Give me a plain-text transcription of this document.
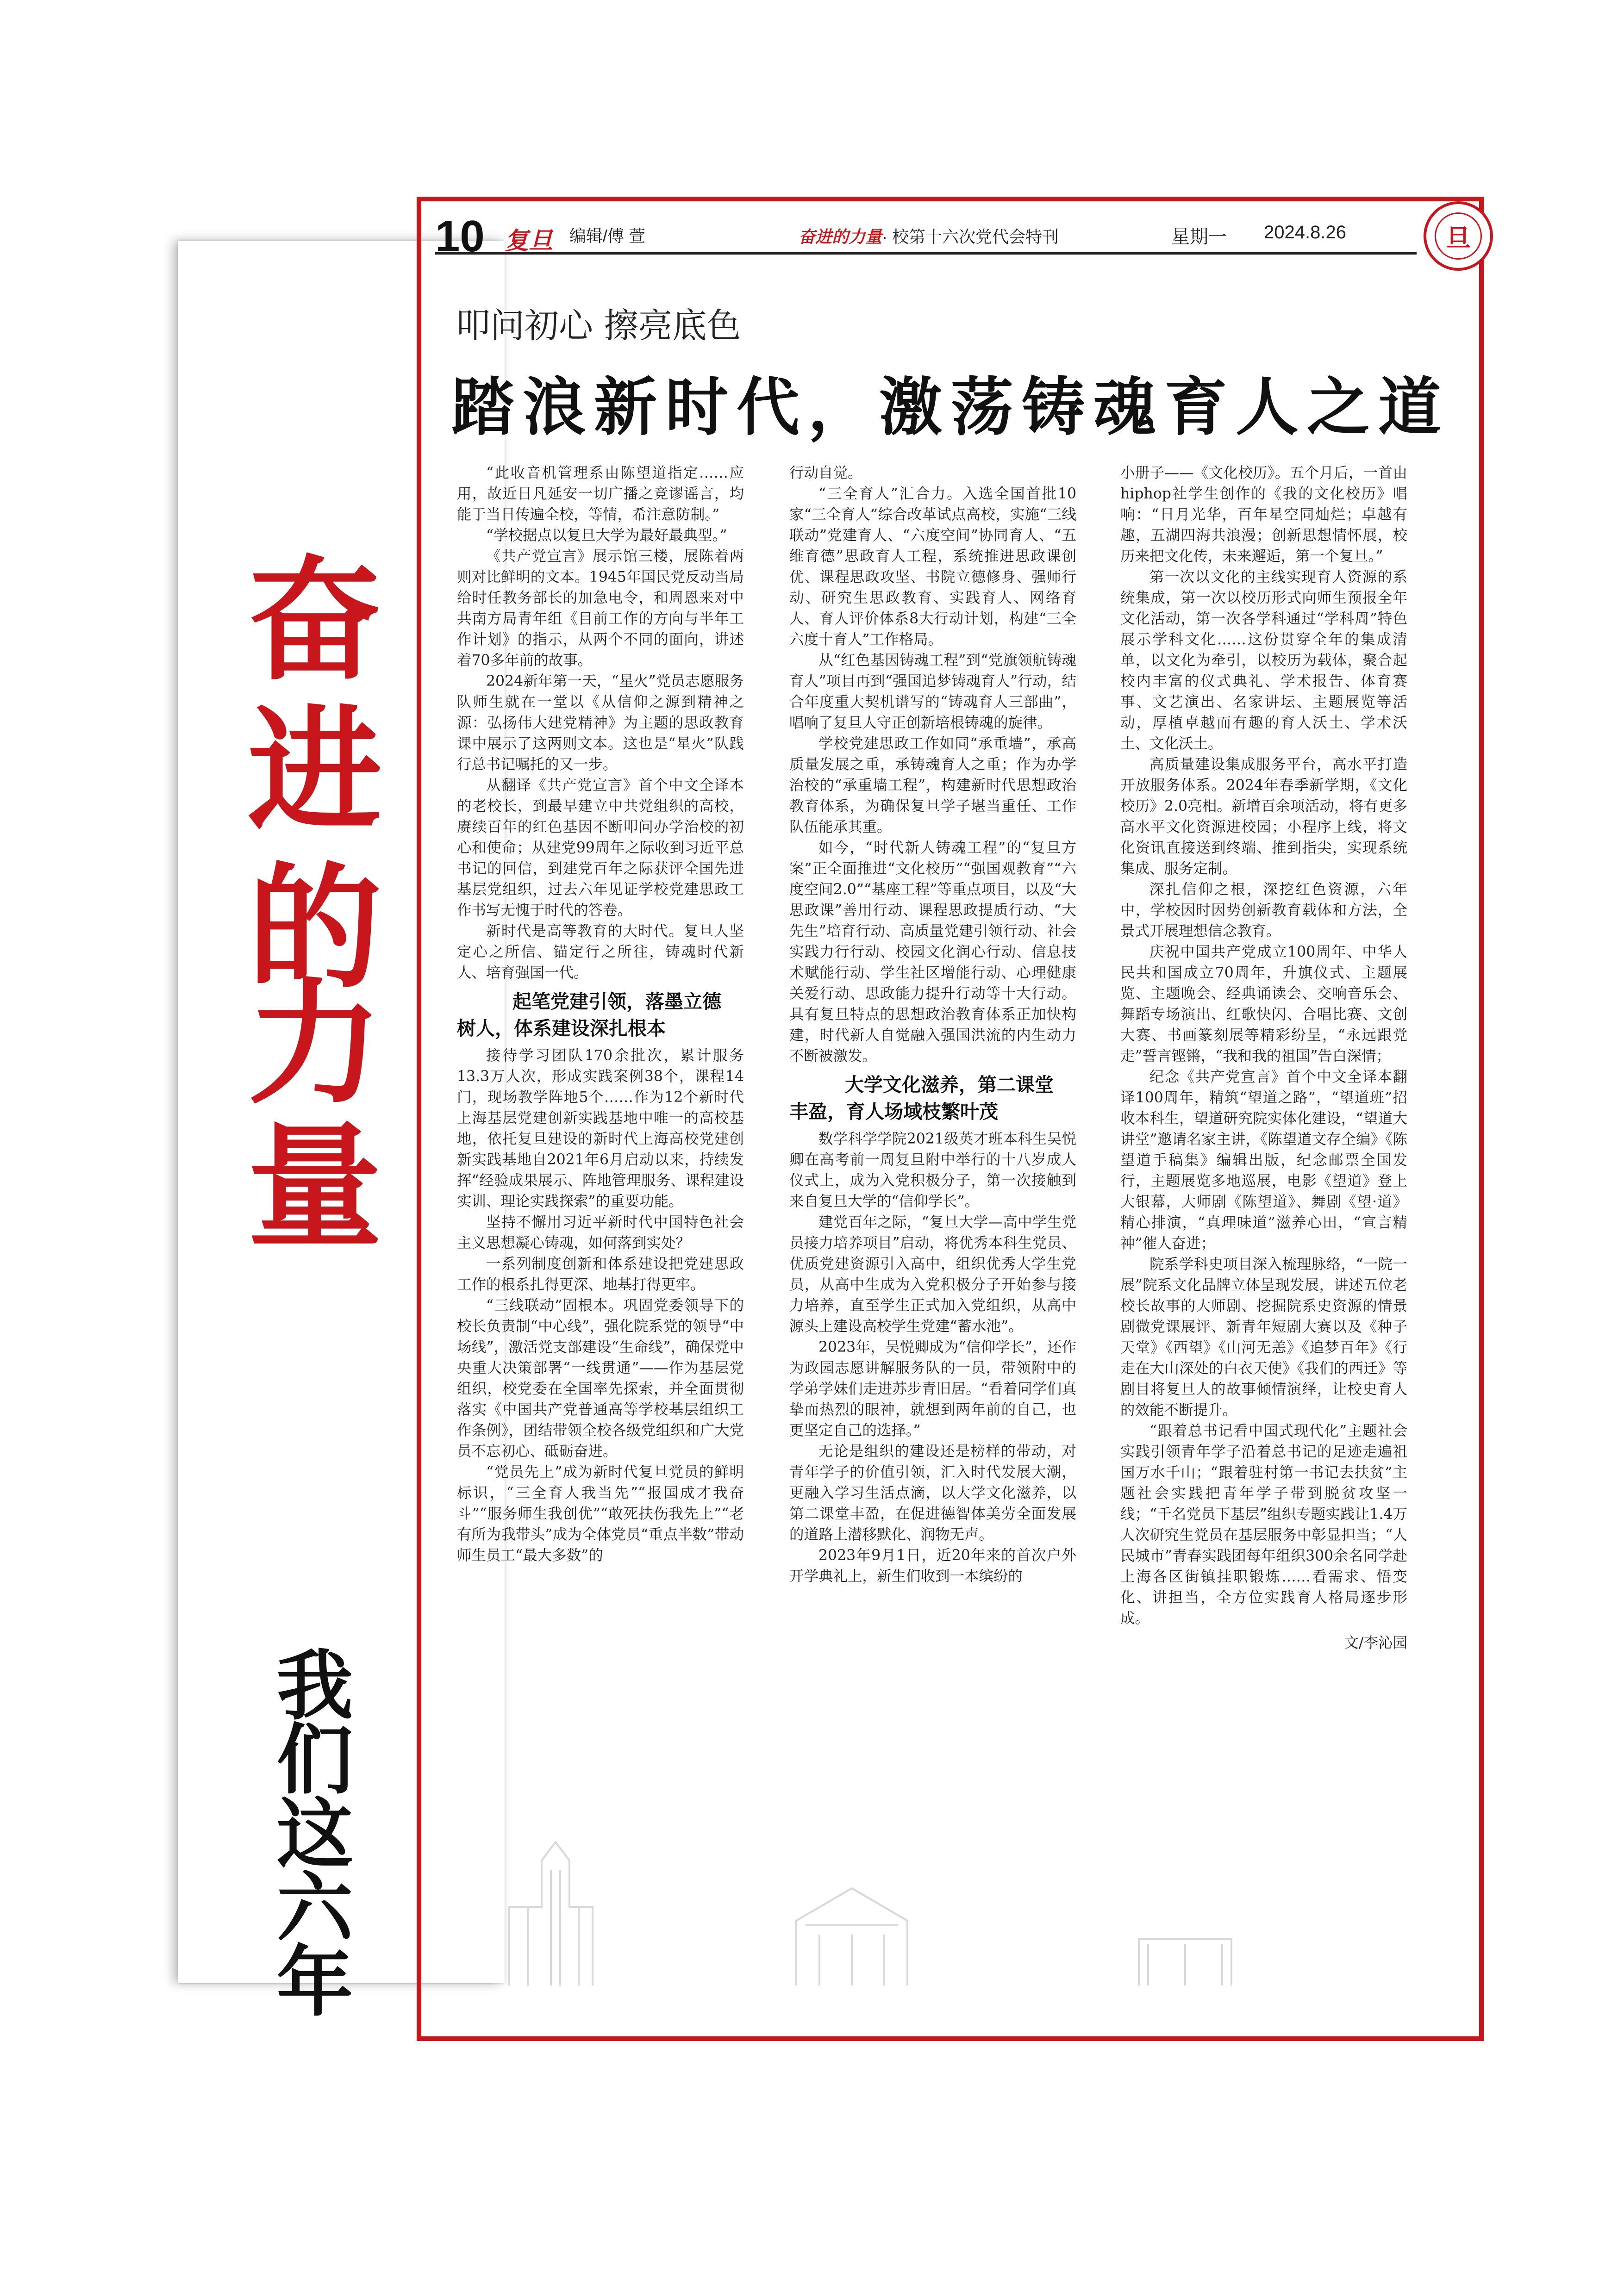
奋
进
的
力
量
我
们
这
六
年
10 复旦 编辑/傅 萱	奋进的力量· 校第十六次党代会特刊	星期一 2024.8.26	旦
叩问初心 擦亮底色
踏浪新时代，激荡铸魂育人之道

“此收音机管理系由陈望道指定……应用，故近日凡延安一切广播之竞谬谣言，均能于当日传遍全校，等情，希注意防制。”

“学校据点以复旦大学为最好最典型。”

《共产党宣言》展示馆三楼，展陈着两则对比鲜明的文本。1945年国民党反动当局给时任教务部长的加急电令，和周恩来对中共南方局青年组《目前工作的方向与半年工作计划》的指示，从两个不同的面向，讲述着70多年前的故事。

2024新年第一天，“星火”党员志愿服务队师生就在一堂以《从信仰之源到精神之源：弘扬伟大建党精神》为主题的思政教育课中展示了这两则文本。这也是“星火”队践行总书记嘱托的又一步。

从翻译《共产党宣言》首个中文全译本的老校长，到最早建立中共党组织的高校，赓续百年的红色基因不断叩问办学治校的初心和使命；从建党99周年之际收到习近平总书记的回信，到建党百年之际获评全国先进基层党组织，过去六年见证学校党建思政工作书写无愧于时代的答卷。

新时代是高等教育的大时代。复旦人坚定心之所信、锚定行之所往，铸魂时代新人、培育强国一代。

起笔党建引领，落墨立德
树人，体系建设深扎根本

接待学习团队170余批次，累计服务13.3万人次，形成实践案例38个，课程14门，现场教学阵地5个……作为12个新时代上海基层党建创新实践基地中唯一的高校基地，依托复旦建设的新时代上海高校党建创新实践基地自2021年6月启动以来，持续发挥“经验成果展示、阵地管理服务、课程建设实训、理论实践探索”的重要功能。

坚持不懈用习近平新时代中国特色社会主义思想凝心铸魂，如何落到实处？

一系列制度创新和体系建设把党建思政工作的根系扎得更深、地基打得更牢。

“三线联动”固根本。巩固党委领导下的校长负责制“中心线”，强化院系党的领导“中场线”，激活党支部建设“生命线”，确保党中央重大决策部署“一线贯通”——作为基层党组织，校党委在全国率先探索，并全面贯彻落实《中国共产党普通高等学校基层组织工作条例》，团结带领全校各级党组织和广大党员不忘初心、砥砺奋进。

“党员先上”成为新时代复旦党员的鲜明标识，“三全育人我当先”“报国成才我奋斗”“服务师生我创优”“敢死扶伤我先上”“老有所为我带头”成为全体党员“重点半数”带动师生员工“最大多数”的

行动自觉。

“三全育人”汇合力。入选全国首批10家“三全育人”综合改革试点高校，实施“三线联动”党建育人、“六度空间”协同育人、“五维育德”思政育人工程，系统推进思政课创优、课程思政攻坚、书院立德修身、强师行动、研究生思政教育、实践育人、网络育人、育人评价体系8大行动计划，构建“三全六度十育人”工作格局。

从“红色基因铸魂工程”到“党旗领航铸魂育人”项目再到“强国追梦铸魂育人”行动，结合年度重大契机谱写的“铸魂育人三部曲”，唱响了复旦人守正创新培根铸魂的旋律。

学校党建思政工作如同“承重墙”，承高质量发展之重，承铸魂育人之重；作为办学治校的“承重墙工程”，构建新时代思想政治教育体系，为确保复旦学子堪当重任、工作队伍能承其重。

如今，“时代新人铸魂工程”的“复旦方案”正全面推进“文化校历”“强国观教育”“六度空间2.0”“基座工程”等重点项目，以及“大思政课”善用行动、课程思政提质行动、“大先生”培育行动、高质量党建引领行动、社会实践力行行动、校园文化润心行动、信息技术赋能行动、学生社区增能行动、心理健康关爱行动、思政能力提升行动等十大行动。具有复旦特点的思想政治教育体系正加快构建，时代新人自觉融入强国洪流的内生动力不断被激发。

大学文化滋养，第二课堂
丰盈，育人场域枝繁叶茂

数学科学学院2021级英才班本科生吴悦卿在高考前一周复旦附中举行的十八岁成人仪式上，成为入党积极分子，第一次接触到来自复旦大学的“信仰学长”。

建党百年之际，“复旦大学—高中学生党员接力培养项目”启动，将优秀本科生党员、优质党建资源引入高中，组织优秀大学生党员，从高中生成为入党积极分子开始参与接力培养，直至学生正式加入党组织，从高中源头上建设高校学生党建“蓄水池”。

2023年，吴悦卿成为“信仰学长”，还作为政园志愿讲解服务队的一员，带领附中的学弟学妹们走进苏步青旧居。“看着同学们真挚而热烈的眼神，就想到两年前的自己，也更坚定自己的选择。”

无论是组织的建设还是榜样的带动，对青年学子的价值引领，汇入时代发展大潮，更融入学习生活点滴，以大学文化滋养，以第二课堂丰盈，在促进德智体美劳全面发展的道路上潜移默化、润物无声。

2023年9月1日，近20年来的首次户外开学典礼上，新生们收到一本缤纷的

小册子——《文化校历》。五个月后，一首由hiphop社学生创作的《我的文化校历》唱响：“日月光华，百年星空同灿烂；卓越有趣，五湖四海共浪漫；创新思想情怀展，校历来把文化传，未来邂逅，第一个复旦。”

第一次以文化的主线实现育人资源的系统集成，第一次以校历形式向师生预报全年文化活动，第一次各学科通过“学科周”特色展示学科文化……这份贯穿全年的集成清单，以文化为牵引，以校历为载体，聚合起校内丰富的仪式典礼、学术报告、体育赛事、文艺演出、名家讲坛、主题展览等活动，厚植卓越而有趣的育人沃土、学术沃土、文化沃土。

高质量建设集成服务平台，高水平打造开放服务体系。2024年春季新学期，《文化校历》2.0亮相。新增百余项活动，将有更多高水平文化资源进校园；小程序上线，将文化资讯直接送到终端、推到指尖，实现系统集成、服务定制。

深扎信仰之根，深挖红色资源，六年中，学校因时因势创新教育载体和方法，全景式开展理想信念教育。

庆祝中国共产党成立100周年、中华人民共和国成立70周年，升旗仪式、主题展览、主题晚会、经典诵读会、交响音乐会、舞蹈专场演出、红歌快闪、合唱比赛、文创大赛、书画篆刻展等精彩纷呈，“永远跟党走”誓言铿锵，“我和我的祖国”告白深情；

纪念《共产党宣言》首个中文全译本翻译100周年，精筑“望道之路”，“望道班”招收本科生，望道研究院实体化建设，“望道大讲堂”邀请名家主讲，《陈望道文存全编》《陈望道手稿集》编辑出版，纪念邮票全国发行，主题展览多地巡展，电影《望道》登上大银幕，大师剧《陈望道》、舞剧《望·道》精心排演，“真理味道”滋养心田，“宣言精神”催人奋进；

院系学科史项目深入梳理脉络，“一院一展”院系文化品牌立体呈现发展，讲述五位老校长故事的大师剧、挖掘院系史资源的情景剧微党课展评、新青年短剧大赛以及《种子天堂》《西望》《山河无恙》《追梦百年》《行走在大山深处的白衣天使》《我们的西迁》等剧目将复旦人的故事倾情演绎，让校史育人的效能不断提升。

“跟着总书记看中国式现代化”主题社会实践引领青年学子沿着总书记的足迹走遍祖国万水千山；“跟着驻村第一书记去扶贫”主题社会实践把青年学子带到脱贫攻坚一线；“千名党员下基层”组织专题实践让1.4万人次研究生党员在基层服务中彰显担当；“人民城市”青春实践团每年组织300余名同学赴上海各区街镇挂职锻炼……看需求、悟变化、讲担当，全方位实践育人格局逐步形成。

文/李沁园
